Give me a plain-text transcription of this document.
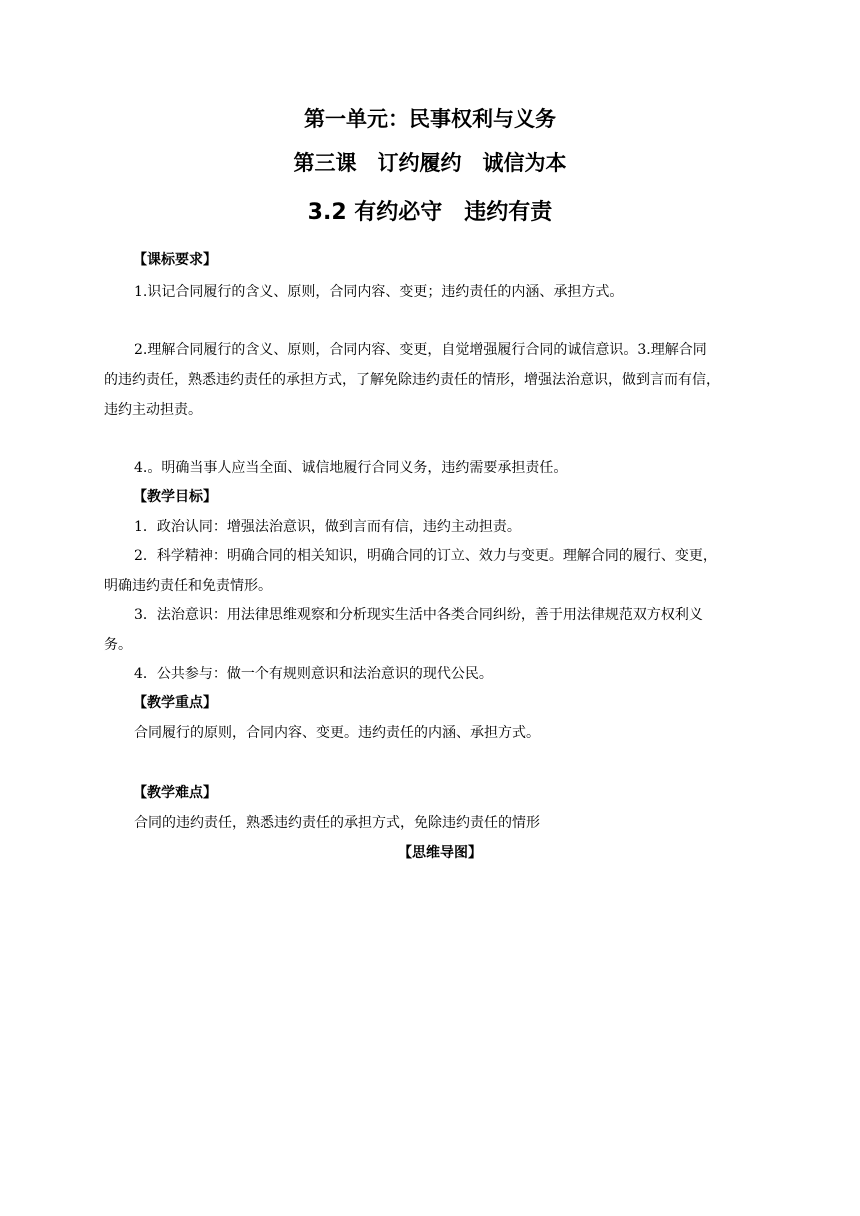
第一单元：民事权利与义务
第三课　订约履约　诚信为本
3.2 有约必守　违约有责
【课标要求】
1.识记合同履行的含义、原则，合同内容、变更；违约责任的内涵、承担方式。
2.理解合同履行的含义、原则，合同内容、变更，自觉增强履行合同的诚信意识。3.理解合同
的违约责任，熟悉违约责任的承担方式，了解免除违约责任的情形，增强法治意识，做到言而有信，
违约主动担责。
4.。明确当事人应当全面、诚信地履行合同义务，违约需要承担责任。
【教学目标】
1．政治认同：增强法治意识，做到言而有信，违约主动担责。
2．科学精神：明确合同的相关知识，明确合同的订立、效力与变更。理解合同的履行、变更，
明确违约责任和免责情形。
3．法治意识：用法律思维观察和分析现实生活中各类合同纠纷，善于用法律规范双方权利义
务。
4．公共参与：做一个有规则意识和法治意识的现代公民。
【教学重点】
合同履行的原则，合同内容、变更。违约责任的内涵、承担方式。
【教学难点】
合同的违约责任，熟悉违约责任的承担方式，免除违约责任的情形
【思维导图】
